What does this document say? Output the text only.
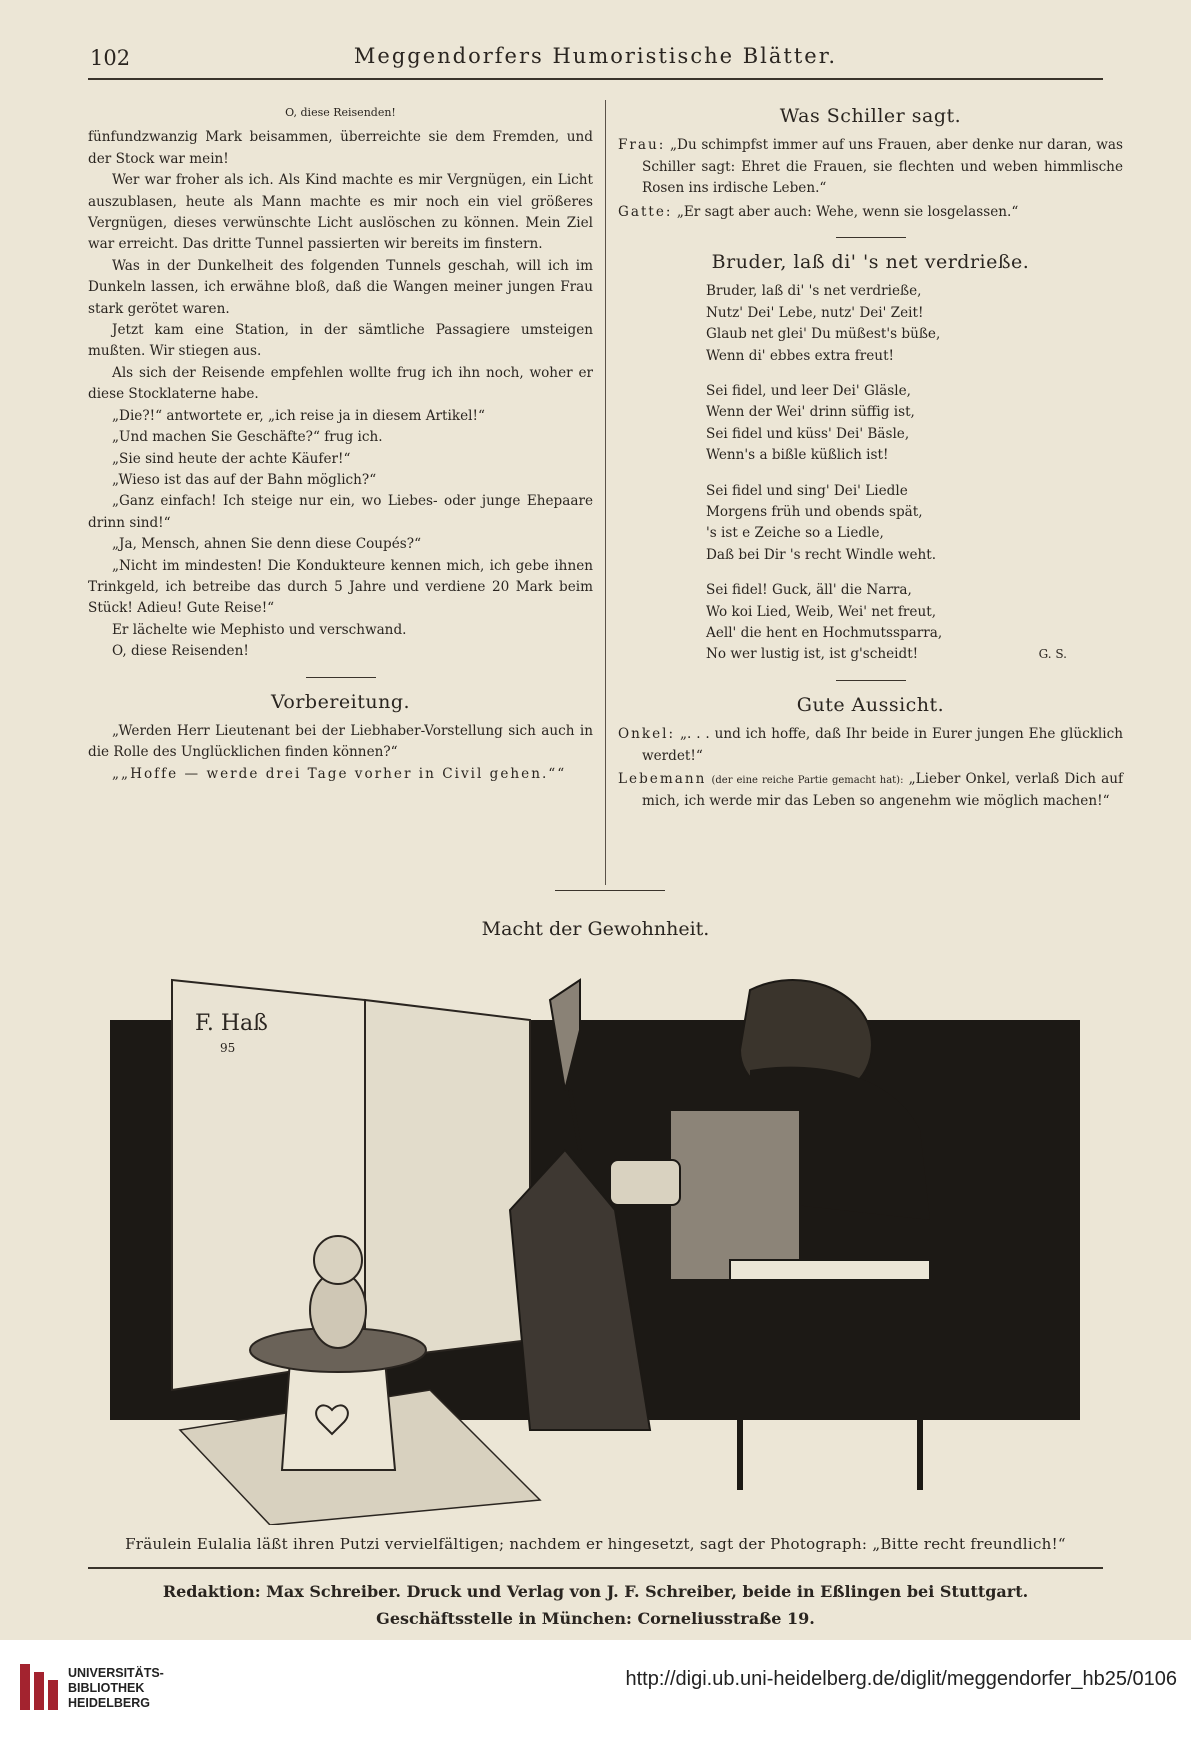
102	Meggendorfers Humoristische Blätter.
O, diese Reisenden!

fünfundzwanzig Mark beisammen, überreichte sie dem Fremden, und der Stock war mein!

Wer war froher als ich. Als Kind machte es mir Vergnügen, ein Licht auszublasen, heute als Mann machte es mir noch ein viel größeres Vergnügen, dieses verwünschte Licht auslöschen zu können. Mein Ziel war erreicht. Das dritte Tunnel passierten wir bereits im finstern.

Was in der Dunkelheit des folgenden Tunnels geschah, will ich im Dunkeln lassen, ich erwähne bloß, daß die Wangen meiner jungen Frau stark gerötet waren.

Jetzt kam eine Station, in der sämtliche Passagiere umsteigen mußten. Wir stiegen aus.

Als sich der Reisende empfehlen wollte frug ich ihn noch, woher er diese Stocklaterne habe.

„Die?!“ antwortete er, „ich reise ja in diesem Artikel!“

„Und machen Sie Geschäfte?“ frug ich.

„Sie sind heute der achte Käufer!“

„Wieso ist das auf der Bahn möglich?“

„Ganz einfach! Ich steige nur ein, wo Liebes- oder junge Ehepaare drinn sind!“

„Ja, Mensch, ahnen Sie denn diese Coupés?“

„Nicht im mindesten! Die Kondukteure kennen mich, ich gebe ihnen Trinkgeld, ich betreibe das durch 5 Jahre und verdiene 20 Mark beim Stück! Adieu! Gute Reise!“

Er lächelte wie Mephisto und verschwand.

O, diese Reisenden!

Vorbereitung.

„Werden Herr Lieutenant bei der Liebhaber-Vorstellung sich auch in die Rolle des Unglücklichen finden können?“

„„Hoffe — werde drei Tage vorher in Civil gehen.““

Was Schiller sagt.

Frau: „Du schimpfst immer auf uns Frauen, aber denke nur daran, was Schiller sagt: Ehret die Frauen, sie flechten und weben himmlische Rosen ins irdische Leben.“

Gatte: „Er sagt aber auch: Wehe, wenn sie losgelassen.“

Bruder, laß di' 's net verdrieße.
Bruder, laß di' 's net verdrieße,
Nutz' Dei' Lebe, nutz' Dei' Zeit!
Glaub net glei' Du müßest's büße,
Wenn di' ebbes extra freut!
Sei fidel, und leer Dei' Gläsle,
Wenn der Wei' drinn süffig ist,
Sei fidel und küss' Dei' Bäsle,
Wenn's a bißle küßlich ist!
Sei fidel und sing' Dei' Liedle
Morgens früh und obends spät,
's ist e Zeiche so a Liedle,
Daß bei Dir 's recht Windle weht.
Sei fidel! Guck, äll' die Narra,
Wo koi Lied, Weib, Wei' net freut,
Aell' die hent en Hochmutssparra,
No wer lustig ist, ist g'scheidt!	G. S.
Gute Aussicht.

Onkel: „. . . und ich hoffe, daß Ihr beide in Eurer jungen Ehe glücklich werdet!“

Lebemann (der eine reiche Partie gemacht hat): „Lieber Onkel, verlaß Dich auf mich, ich werde mir das Leben so angenehm wie möglich machen!“

Macht der Gewohnheit.
F. Haß
95
Fräulein Eulalia läßt ihren Putzi vervielfältigen; nachdem er hingesetzt, sagt der Photograph: „Bitte recht freundlich!“
Redaktion: Max Schreiber. Druck und Verlag von J. F. Schreiber, beide in Eßlingen bei Stuttgart.
Geschäftsstelle in München: Corneliusstraße 19.
UNIVERSITÄTS-
BIBLIOTHEK
HEIDELBERG
http://digi.ub.uni-heidelberg.de/diglit/meggendorfer_hb25/0106
